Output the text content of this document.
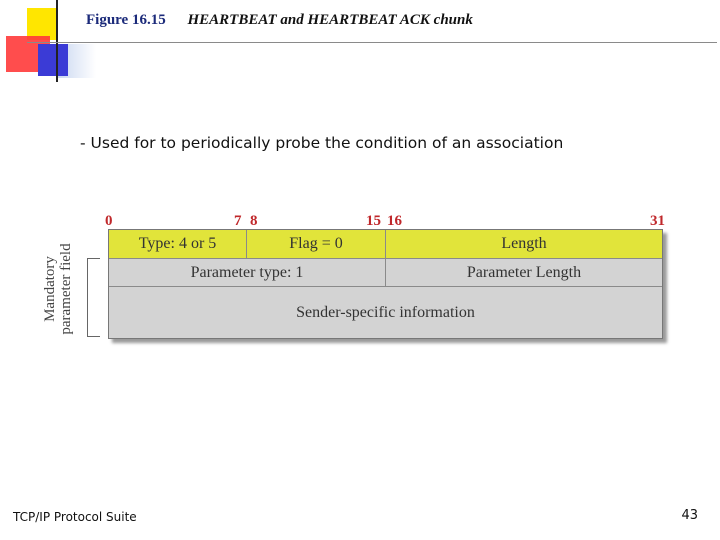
Figure 16.15 HEARTBEAT and HEARTBEAT ACK chunk
- Used for to periodically probe the condition of an association
0	7 8	15 16	31
Type: 4 or 5	Flag = 0	Length
Parameter type: 1	Parameter Length
Sender-specific information
Mandatory parameter field
TCP/IP Protocol Suite	43
